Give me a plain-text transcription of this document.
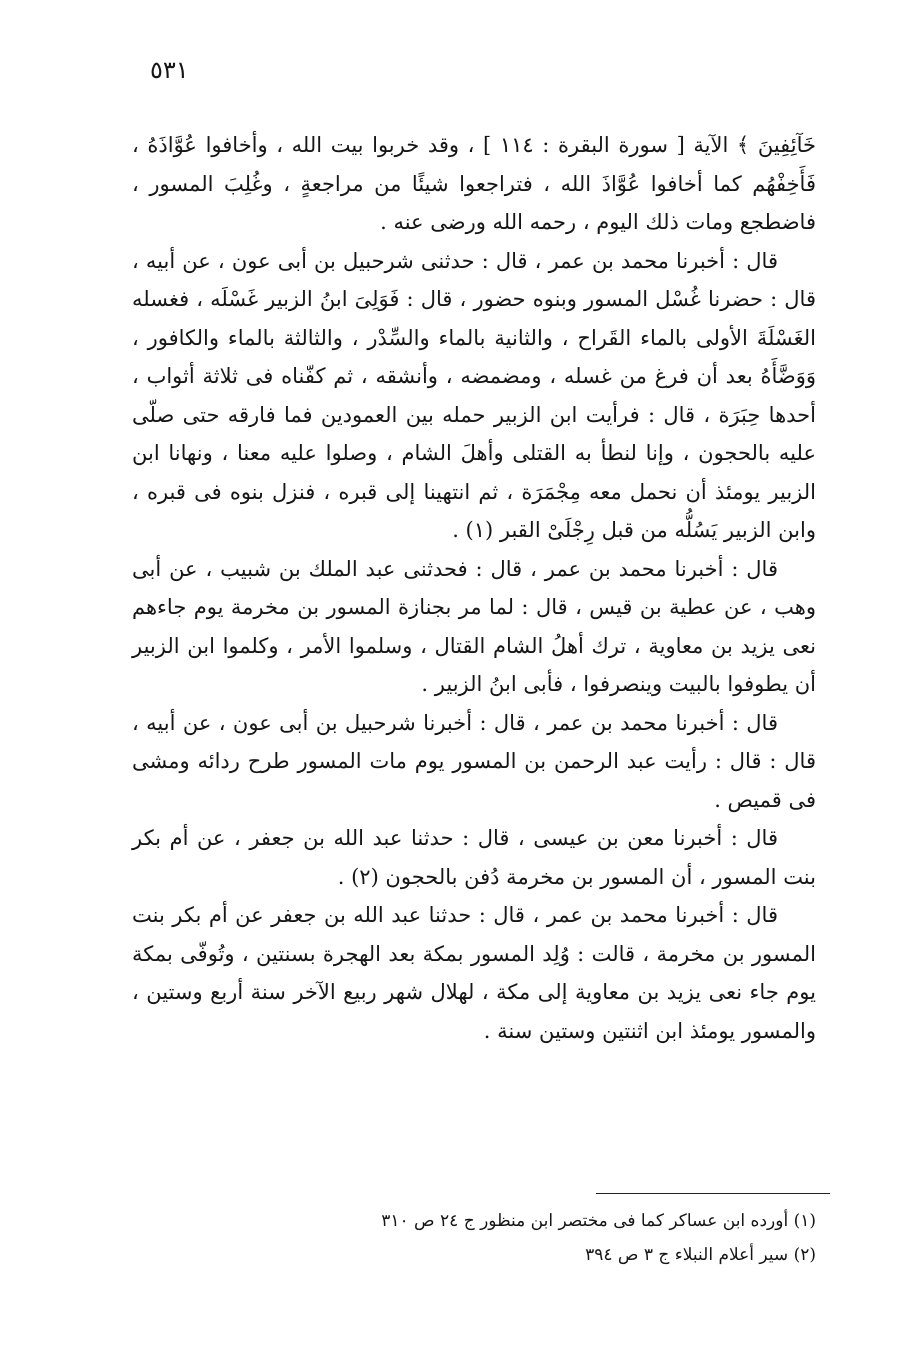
٥٣١

خَآئِفِينَ ﴾ الآية [ سورة البقرة : ١١٤ ] ، وقد خربوا بيت الله ، وأخافوا عُوَّاذَهُ ، فَأَخِفْهُم كما أخافوا عُوَّاذَ الله ، فتراجعوا شيئًا من مراجعةٍ ، وغُلِبَ المسور ، فاضطجع ومات ذلك اليوم ، رحمه الله ورضى عنه .

قال : أخبرنا محمد بن عمر ، قال : حدثنى شرحبيل بن أبى عون ، عن أبيه ، قال : حضرنا غُسْل المسور وبنوه حضور ، قال : فَوَلِىَ ابنُ الزبير غَسْلَه ، فغسله الغَسْلَةَ الأولى بالماء القَراح ، والثانية بالماء والسِّدْر ، والثالثة بالماء والكافور ، وَوَضَّأَهُ بعد أن فرغ من غسله ، ومضمضه ، وأنشقه ، ثم كفّناه فى ثلاثة أثواب ، أحدها حِبَرَة ، قال : فرأيت ابن الزبير حمله بين العمودين فما فارقه حتى صلّى عليه بالحجون ، وإنا لنطأ به القتلى وأهلَ الشام ، وصلوا عليه معنا ، ونهانا ابن الزبير يومئذ أن نحمل معه مِجْمَرَة ، ثم انتهينا إلى قبره ، فنزل بنوه فى قبره ، وابن الزبير يَسُلُّه من قبل رِجْلَىْ القبر (١) .

قال : أخبرنا محمد بن عمر ، قال : فحدثنى عبد الملك بن شبيب ، عن أبى وهب ، عن عطية بن قيس ، قال : لما مر بجنازة المسور بن مخرمة يوم جاءهم نعى يزيد بن معاوية ، ترك أهلُ الشام القتال ، وسلموا الأمر ، وكلموا ابن الزبير أن يطوفوا بالبيت وينصرفوا ، فأبى ابنُ الزبير .

قال : أخبرنا محمد بن عمر ، قال : أخبرنا شرحبيل بن أبى عون ، عن أبيه ، قال : قال : رأيت عبد الرحمن بن المسور يوم مات المسور طرح ردائه ومشى فى قميص .

قال : أخبرنا معن بن عيسى ، قال : حدثنا عبد الله بن جعفر ، عن أم بكر بنت المسور ، أن المسور بن مخرمة دُفن بالحجون (٢) .

قال : أخبرنا محمد بن عمر ، قال : حدثنا عبد الله بن جعفر عن أم بكر بنت المسور بن مخرمة ، قالت : وُلِد المسور بمكة بعد الهجرة بسنتين ، وتُوفّى بمكة يوم جاء نعى يزيد بن معاوية إلى مكة ، لهلال شهر ربيع الآخر سنة أربع وستين ، والمسور يومئذ ابن اثنتين وستين سنة .

(١) أورده ابن عساكر كما فى مختصر ابن منظور ج ٢٤ ص ٣١٠

(٢) سير أعلام النبلاء ج ٣ ص ٣٩٤
